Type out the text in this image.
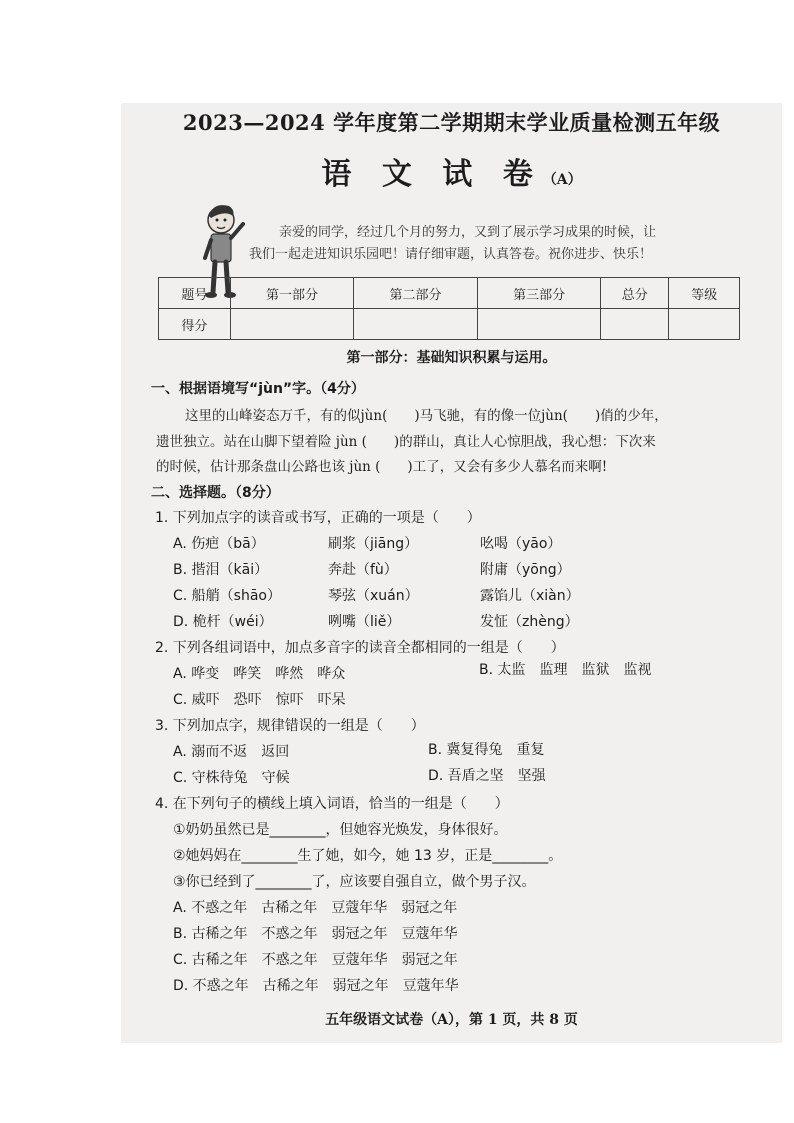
2023—2024 学年度第二学期期末学业质量检测五年级
语 文 试 卷（A）
亲爱的同学，经过几个月的努力，又到了展示学习成果的时候，让
我们一起走进知识乐园吧！请仔细审题，认真答卷。祝你进步、快乐！
题号	第一部分	第二部分	第三部分	总分	等级
得分					
第一部分：基础知识积累与运用。
一、根据语境写“jùn”字。（4分）
这里的山峰姿态万千，有的似jùn(　　)马飞驰，有的像一位jùn(　　)俏的少年，
遗世独立。站在山脚下望着险 jùn (　　)的群山，真让人心惊胆战，我心想：下次来
的时候，估计那条盘山公路也该 jùn (　　)工了，又会有多少人慕名而来啊!
二、选择题。（8分）
1. 下列加点字的读音或书写，正确的一项是（　　）
A. 伤疤（bā）	刷浆（jiāng）	吆喝（yāo）
B. 揩泪（kāi）	奔赴（fù）	附庸（yōng）
C. 船艄（shāo）	琴弦（xuán）	露馅儿（xiàn）
D. 桅杆（wéi）	咧嘴（liě）	发怔（zhèng）
2. 下列各组词语中，加点多音字的读音全都相同的一组是（　　）
A. 哗变　哗笑　哗然　哗众	B. 太监　监理　监狱　监视
C. 威吓　恐吓　惊吓　吓呆
3. 下列加点字，规律错误的一组是（　　）
A. 溺而不返　返回	B. 冀复得兔　重复
C. 守株待兔　守候	D. 吾盾之坚　坚强
4. 在下列句子的横线上填入词语，恰当的一组是（　　）
①奶奶虽然已是________，但她容光焕发，身体很好。
②她妈妈在________生了她，如今，她 13 岁，正是________。
③你已经到了________了，应该要自强自立，做个男子汉。
A. 不惑之年　古稀之年　豆蔻年华　弱冠之年
B. 古稀之年　不惑之年　弱冠之年　豆蔻年华
C. 古稀之年　不惑之年　豆蔻年华　弱冠之年
D. 不惑之年　古稀之年　弱冠之年　豆蔻年华
五年级语文试卷（A），第 1 页，共 8 页
